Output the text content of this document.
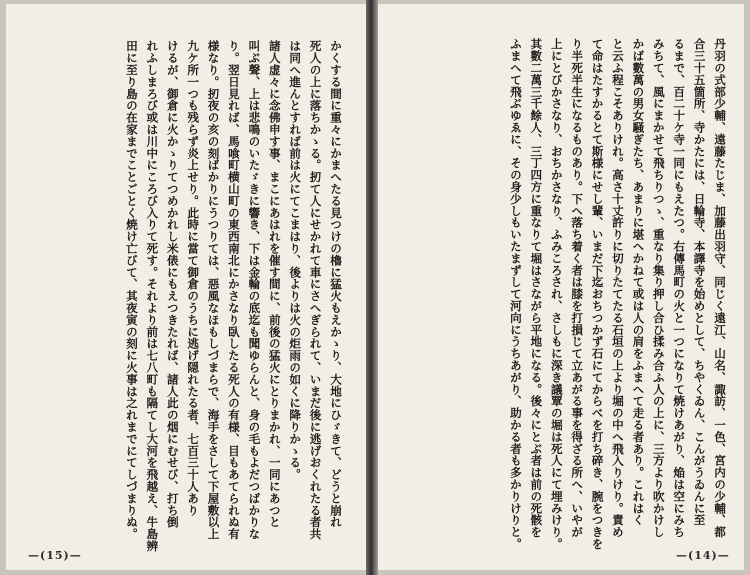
かくする間に重々にかまへたる見つけの櫓に猛火もえかゝり、大地にひゞきて、どうと崩れ
死人の上に落ちかゝる。扨て人にせかれて車にさへぎられて、いまだ後に逃げおくれたる者共
は同へ進んとすれば前は火にてこまはり、後よりは火の炬雨の如くに降りかゝる。
諸人虚々に念佛申す事、まこにあはれを催す間に、前後の猛火にとりまかれ、一同にあつと
叫ぶ聲、上は悲鳴のいたゞきに響き、下は金輪の底迄も聞ゆらんと、身の毛もよだつばかりな
り。翌日見れば、馬喰町横山町の東西南北にかさなり臥したる死人の有様、目もあてられぬ有
様なり。扨夜の亥の刻ばかりにうつりては、惡風なほもしづまらで、海手をさして下屋敷以上
九ケ所一つも残らず炎上せり。此時に當て御倉のうちに逃げ隠れたる者、七百三十人あり
けるが、御倉に火かゝりてつめかれし米俵にもえつきたれば、諸人此の烟にむせび、打ち倒
れふしまろび或は川中にころび入りて死す。それより前は七八町も隔てし大河を飛越え、牛島辨
田に至り島の在家までことごとく焼け亡びて、其夜寅の刻に火事は之れまでにてしづまりぬ。
—(15)—
丹羽の式部少輔、遠藤たじま、加藤出羽守、同じく遠江、山名、諏訪、一色、宮内の少輔、都
合三十五箇所、寺かたには、日輪寺、本譯寺を始めとして、ちやくゐん、こんがうゐんに至
るまで、百二十ケ寺一同にもえたつ。右傳馬町の火と一つになりて焼けあがり、焔は空にみち
みちて、風にまかせて飛ちりつゝ、重なり集り押し合ひ揉み合ふ人の上に、三方より吹かけし
かば數萬の男女騒ぎたち、あまりに堪へかねて或は人の肩をふまへて走る者あり。これはく
と云ふ程こそありけれ。高さ十丈許りに切りたてたる石垣の上より堀の中へ飛入りけり。責め
て命はたすかるとて斯様にせし輩、いまだ下迄おちつかず石にてからべを打ち碎き、腕をつきを
り半死半生になるものあり。下へ落ち着く者は膝を打損じて立あがる事を得ざる所へ、いやが
上にとびかさなり、おちかさなり、ふみころされ、さしもに深き議覃の堀は死人にて埋みけり。
其數二萬三千餘人、三丁四方に重なりて堀はさながら平地になる。後々にとぶ者は前の死骸を
ふまへて飛ぶゆゑに、その身少しもいたまずして河向にうちあがり、助かる者も多かりけりと。
—(14)—
